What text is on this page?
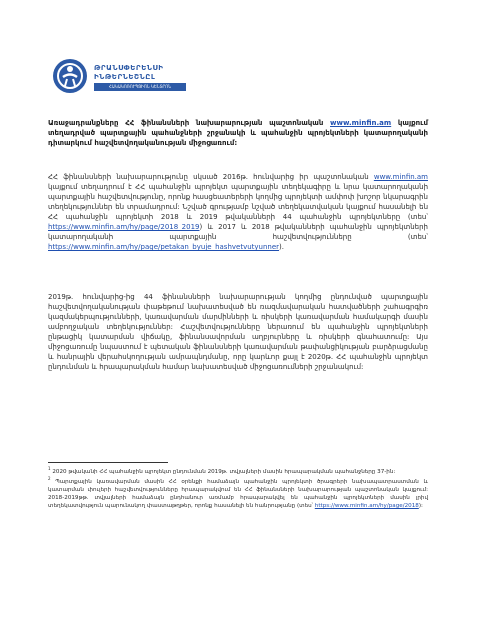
ԹՐԱՆՍՓԵՐԵՆՍԻ
ԻՆԹԵՐՆԵՇՆԸԼ
ՀԱԿԱԿՈՌՈՒՊՑԻՈՆ ԿԵՆՏՐՈՆ
Առաջադրանքները ՀՀ ֆինանսների նախարարության պաշտոնական www.minfin.am կայքում տեղադրված պարտքային պահանջների շրջանակի և պահանջին պրոյեկտների կատարողականի դիտարկում հաշվետվողականության միջոցառում:
ՀՀ ֆինանսների նախարարությունը սկսած 2016թ. հունվարից իր պաշտոնական www.minfin.am կայքում տեղադրում է ՀՀ պահանջին պրոյեկտ պարտքային տեղեկագիրը և նրա կատարողականի պարտքային հաշվետվությունը, որոնք հասցեատերերի կողմից պրոյեկտի ամփոփ խոշոր նկարագրին տեղեկություններ են տրամադրում: Նշված գրությամբ նշված տեղեկատվական կայքում հասանելի են ՀՀ պահանջին պրոյեկտի 2018 և 2019 թվականների 44 պահանջին պրոյեկտները (տես՝ https://www.minfin.am/hy/page/2018_2019) և 2017 և 2018 թվականների պահանջին պրոյեկտների կատարողականի պարտքային հաշվետվությունները (տես՝ https://www.minfin.am/hy/page/petakan_byuje_hashvetvutyunner).
2019թ. հունվարից-ից 44 ֆինանսների նախարարության կողմից ընդունված պարտքային հաշվետվողականության փաթեթում նախատեսված են ռազմավարական հատվածների շահագրգիռ կազմակերպությունների, կառավարման մարմինների և ռիսկերի կառավարման համակարգի մասին ամբողջական տեղեկություններ: Հաշվետվությունները ներառում են պահանջին պրոյեկտների ընթացիկ կատարման վիճակը, ֆինանսավորման աղբյուրները և ռիսկերի գնահատումը: Այս միջոցառումը նպաստում է պետական ֆինանսների կառավարման թափանցիկության բարձրացմանը և հանրային վերահսկողության ամրապնդմանը, որը կարևոր քայլ է 2020թ. ՀՀ պահանջին պրոյեկտ ընդունման և հրապարակման համար նախատեսված միջոցառումների շրջանակում:

$^1$ 2020 թվականի ՀՀ պահանջին պրոյեկտ ընդունման 2019թ. տվյալների մասին հրապարակման պահանջները 37-ին:

$^2$ Պարտքային կառավարման մասին ՀՀ օրենքի համաձայն պահանջին պրոյեկտի ծրագրերի նախապատրաստման և կատարման փուլերի հաշվետվությունները հրապարակվում են ՀՀ ֆինանսների նախարարության պաշտոնական կայքում: 2018-2019թթ. տվյալների համաձայն ընդհանուր առմամբ հրապարակվել են պահանջին պրոյեկտների մասին լրիվ տեղեկատվություն պարունակող փաստաթղթեր, որոնք հասանելի են հանրությանը (տես՝ https://www.minfin.am/hy/page/2018):
